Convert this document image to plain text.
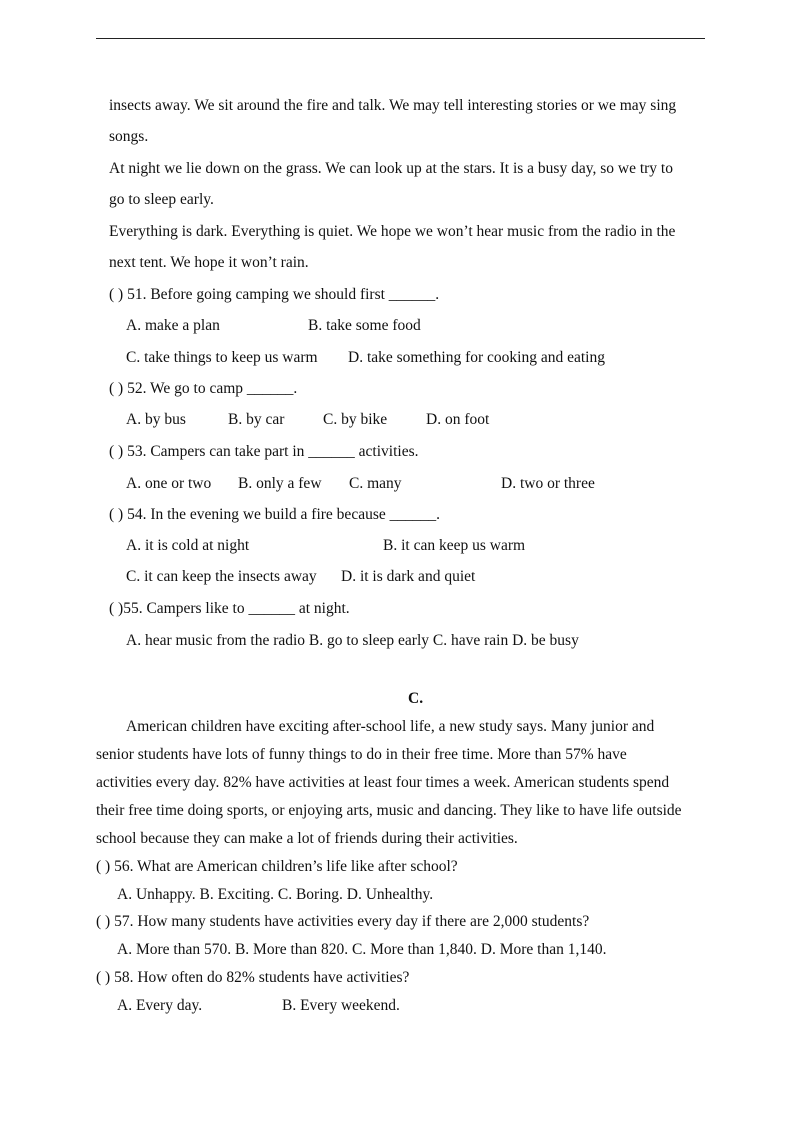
insects away. We sit around the fire and talk. We may tell interesting stories or we may sing
songs.
At night we lie down on the grass. We can look up at the stars. It is a busy day, so we try to
go to sleep early.
Everything is dark. Everything is quiet. We hope we won’t hear music from the radio in the
next tent. We hope it won’t rain.
( ) 51. Before going camping we should first ______.
A. make a plan	B. take some food
C. take things to keep us warm D. take something for cooking and eating
( ) 52. We go to camp ______.
A. by bus	B. by car C. by bike	D. on foot
( ) 53. Campers can take part in ______ activities.
A. one or two B. only a few C. many	D. two or three
( ) 54. In the evening we build a fire because ______.
A. it is cold at night	B. it can keep us warm
C. it can keep the insects away D. it is dark and quiet
( )55. Campers like to ______ at night.
A. hear music from the radio B. go to sleep early C. have rain D. be busy
C.
American children have exciting after-school life, a new study says. Many junior and
senior students have lots of funny things to do in their free time. More than 57% have
activities every day. 82% have activities at least four times a week. American students spend
their free time doing sports, or enjoying arts, music and dancing. They like to have life outside
school because they can make a lot of friends during their activities.
( ) 56. What are American children’s life like after school?
A. Unhappy. B. Exciting. C. Boring. D. Unhealthy.
( ) 57. How many students have activities every day if there are 2,000 students?
A. More than 570. B. More than 820. C. More than 1,840. D. More than 1,140.
( ) 58. How often do 82% students have activities?
A. Every day.	B. Every weekend.
